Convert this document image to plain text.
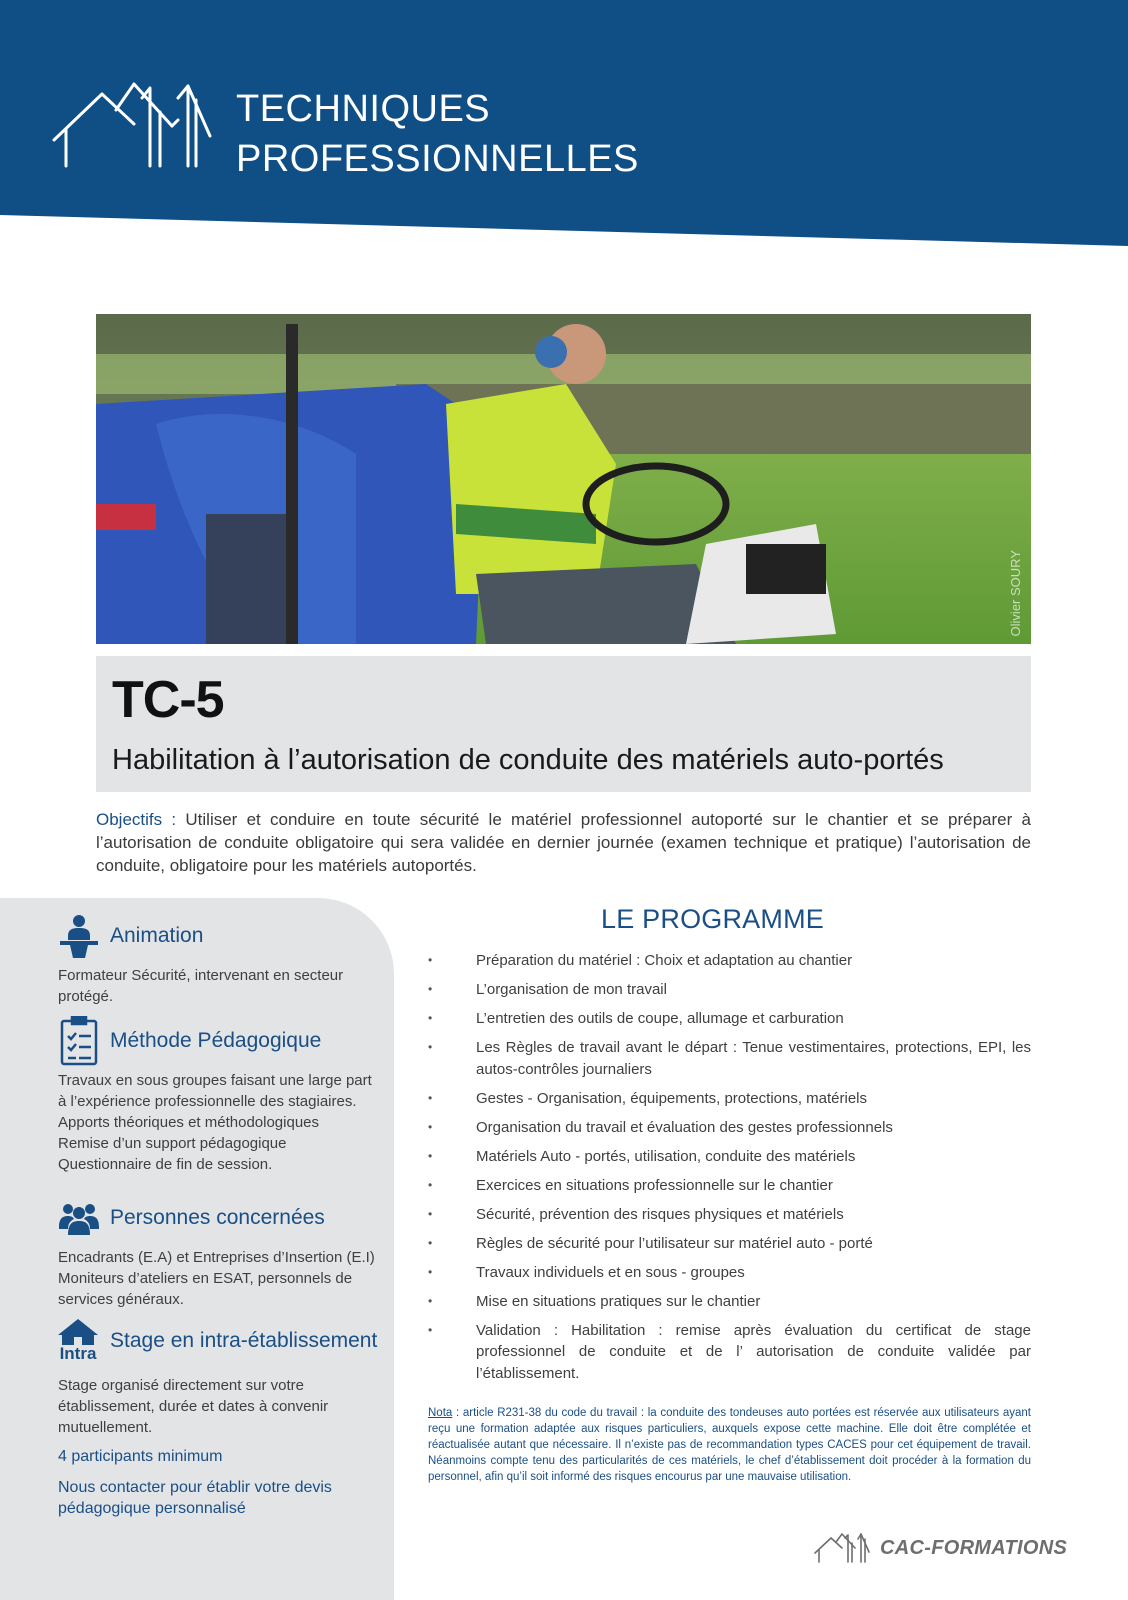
TECHNIQUES
PROFESSIONNELLES
Olivier SOURY
TC-5
Habilitation à l’autorisation de conduite des matériels auto-portés
Objectifs : Utiliser et conduire en toute sécurité le matériel professionnel autoporté sur le chantier et se préparer à l’autorisation de conduite obligatoire qui sera validée en dernier journée (examen technique et pratique) l’autorisation de conduite, obligatoire pour les matériels autoportés.
Animation
Formateur Sécurité, intervenant en secteur protégé.
Méthode Pédagogique
Travaux en sous groupes faisant une large part à l’expérience professionnelle des stagiaires.
Apports théoriques et méthodologiques
Remise d’un support pédagogique
Questionnaire de fin de session.
Personnes concernées
Encadrants (E.A) et Entreprises d’Insertion (E.I)
Moniteurs d’ateliers en ESAT, personnels de services généraux.
Intra
Stage en intra-établissement
Stage organisé directement sur votre établissement, durée et dates à convenir mutuellement.
4 participants minimum
Nous contacter pour établir votre devis pédagogique personnalisé
LE PROGRAMME
•	Préparation du matériel : Choix et adaptation au chantier
•	L’organisation de mon travail
•	L’entretien des outils de coupe, allumage et carburation
•	Les Règles de travail avant le départ : Tenue vestimentaires, protections, EPI, les autos-contrôles journaliers
•	Gestes - Organisation, équipements, protections, matériels
•	Organisation du travail et évaluation des gestes professionnels
•	Matériels Auto - portés, utilisation, conduite des matériels
•	Exercices en situations professionnelle sur le chantier
•	Sécurité, prévention des risques physiques et matériels
•	Règles de sécurité pour l’utilisateur sur matériel auto - porté
•	Travaux individuels et en sous - groupes
•	Mise en situations pratiques sur le chantier
•	Validation : Habilitation : remise après évaluation du certificat de stage professionnel de conduite et de l’ autorisation de conduite validée par l’établissement.
Nota : article R231-38 du code du travail : la conduite des tondeuses auto portées est réservée aux utilisateurs ayant reçu une formation adaptée aux risques particuliers, auxquels expose cette machine. Elle doit être complétée et réactualisée autant que nécessaire. Il n’existe pas de recommandation types CACES pour cet équipement de travail. Néanmoins compte tenu des particularités de ces matériels, le chef d’établissement doit procéder à la formation du personnel, afin qu’il soit informé des risques encourus par une mauvaise utilisation.
CAC-FORMATIONS
